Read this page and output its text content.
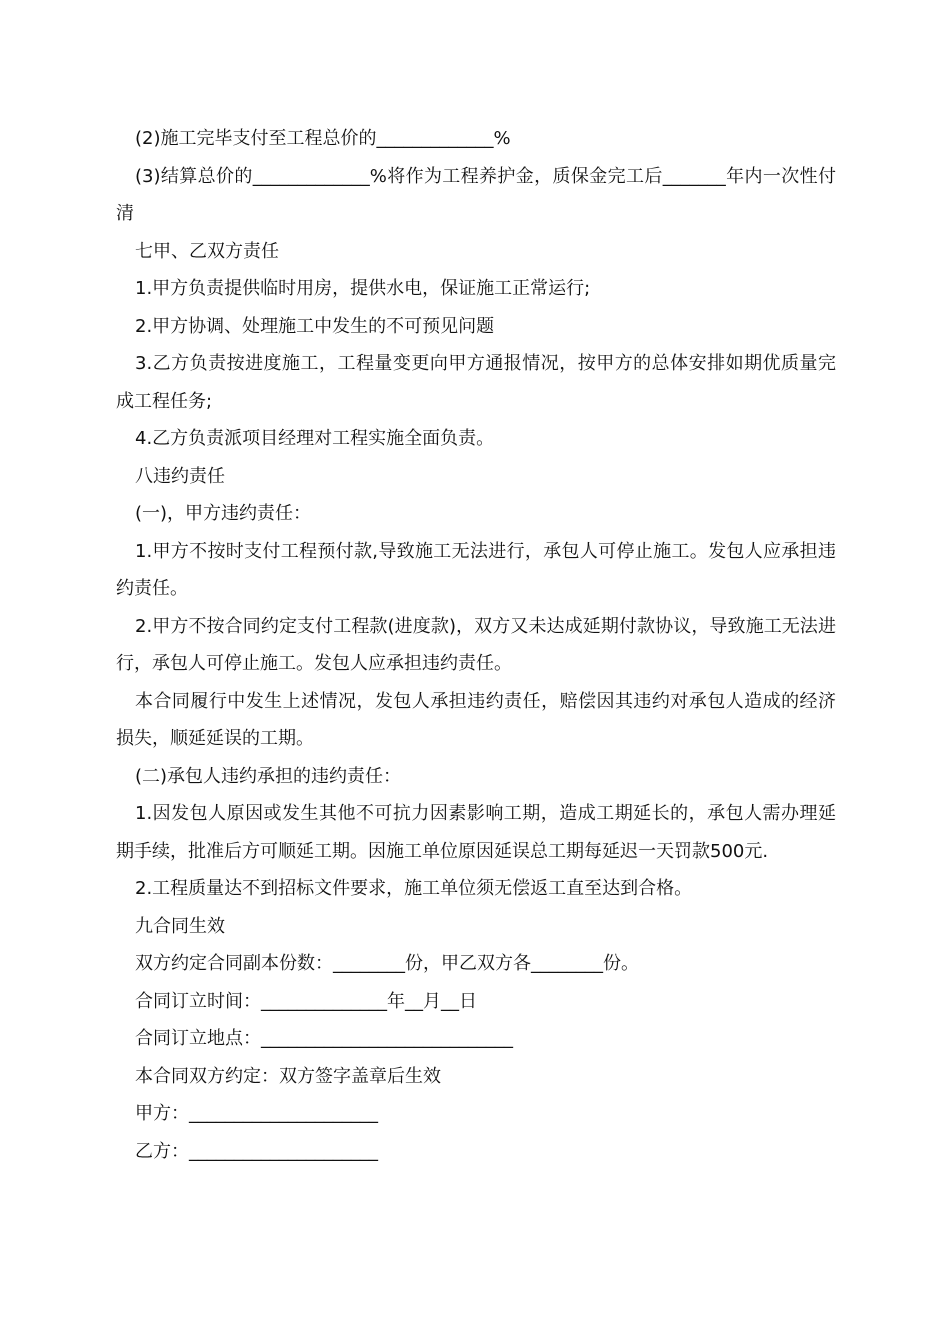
(2)施工完毕支付至工程总价的_____________%

(3)结算总价的_____________%将作为工程养护金，质保金完工后_______年内一次性付清

七甲、乙双方责任

1.甲方负责提供临时用房，提供水电，保证施工正常运行;

2.甲方协调、处理施工中发生的不可预见问题

3.乙方负责按进度施工，工程量变更向甲方通报情况，按甲方的总体安排如期优质量完成工程任务;

4.乙方负责派项目经理对工程实施全面负责。

八违约责任

(一)，甲方违约责任：

1.甲方不按时支付工程预付款,导致施工无法进行，承包人可停止施工。发包人应承担违约责任。

2.甲方不按合同约定支付工程款(进度款)，双方又未达成延期付款协议，导致施工无法进行，承包人可停止施工。发包人应承担违约责任。

本合同履行中发生上述情况，发包人承担违约责任，赔偿因其违约对承包人造成的经济损失，顺延延误的工期。

(二)承包人违约承担的违约责任：

1.因发包人原因或发生其他不可抗力因素影响工期，造成工期延长的，承包人需办理延期手续，批准后方可顺延工期。因施工单位原因延误总工期每延迟一天罚款500元.

2.工程质量达不到招标文件要求，施工单位须无偿返工直至达到合格。

九合同生效

双方约定合同副本份数：________份，甲乙双方各________份。

合同订立时间：______________年__月__日

合同订立地点：____________________________

本合同双方约定：双方签字盖章后生效

甲方：_____________________

乙方：_____________________
